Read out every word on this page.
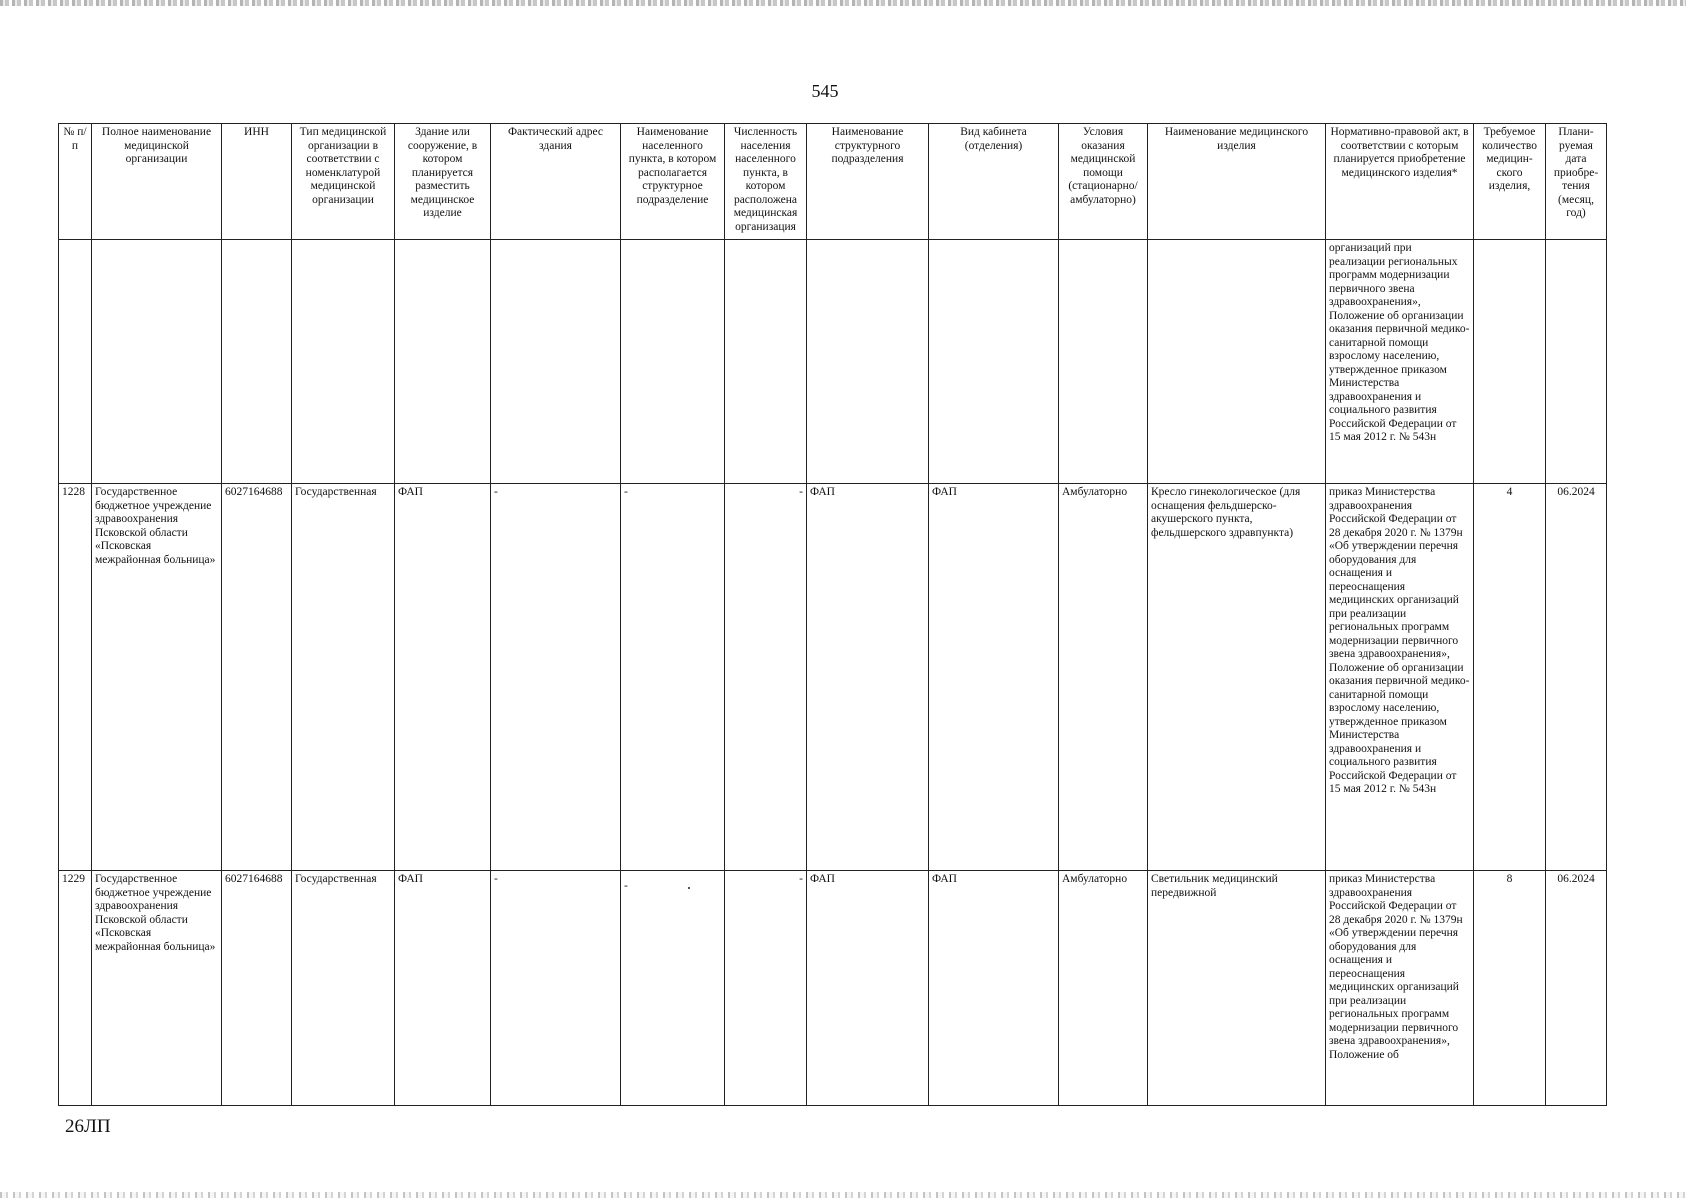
545
№ п/п	Полное наименование медицинской организации	ИНН	Тип медицинской организации в соответствии с номенклатурой медицинской организации	Здание или сооружение, в котором планируется разместить медицинское изделие	Фактический адрес здания	Наименование населенного пункта, в котором располагается структурное подразделение	Численность населения населенного пункта, в котором расположена медицинская организация	Наименование структурного подразделения	Вид кабинета (отделения)	Условия оказания медицинской помощи (стационарно/ амбулаторно)	Наименование медицинского изделия	Нормативно-правовой акт, в соответствии с которым планируется приобретение медицинского изделия*	Требуемое количество медицин-ского изделия,	Плани-руемая дата приобре-тения (месяц, год)
												организаций при реализации региональных программ модернизации первичного звена здравоохранения», Положение об организации оказания первичной медико-санитарной помощи взрослому населению, утвержденное приказом Министерства здравоохранения и социального развития Российской Федерации от 15 мая 2012 г. № 543н		
1228	Государственное бюджетное учреждение здравоохранения Псковской области «Псковская межрайонная больница»	6027164688	Государственная	ФАП	-	-	-	ФАП	ФАП	Амбулаторно	Кресло гинекологическое (для оснащения фельдшерско-акушерского пункта, фельдшерского здравпункта)	приказ Министерства здравоохранения Российской Федерации от 28 декабря 2020 г. № 1379н «Об утверждении перечня оборудования для оснащения и переоснащения медицинских организаций при реализации региональных программ модернизации первичного звена здравоохранения», Положение об организации оказания первичной медико-санитарной помощи взрослому населению, утвержденное приказом Министерства здравоохранения и социального развития Российской Федерации от 15 мая 2012 г. № 543н	4	06.2024
1229	Государственное бюджетное учреждение здравоохранения Псковской области «Псковская межрайонная больница»	6027164688	Государственная	ФАП	-	-	-	ФАП	ФАП	Амбулаторно	Светильник медицинский передвижной	приказ Министерства здравоохранения Российской Федерации от 28 декабря 2020 г. № 1379н «Об утверждении перечня оборудования для оснащения и переоснащения медицинских организаций при реализации региональных программ модернизации первичного звена здравоохранения», Положение об	8	06.2024
26ЛП
